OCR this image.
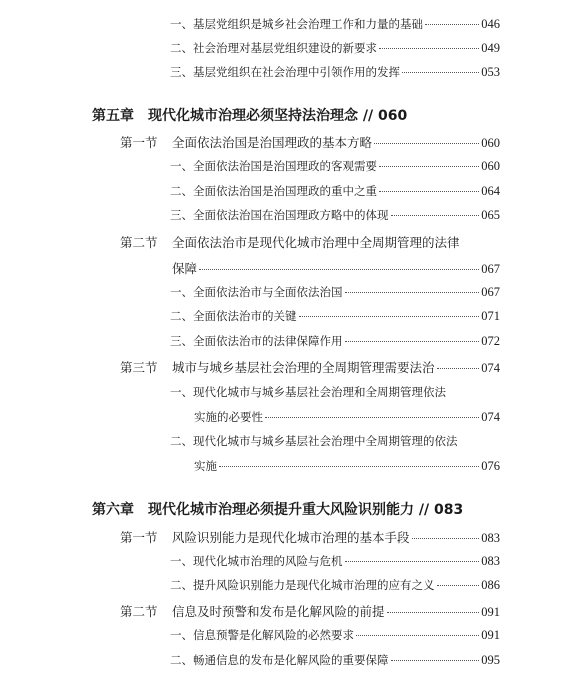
一、基层党组织是城乡社会治理工作和力量的基础	046
二、社会治理对基层党组织建设的新要求	049
三、基层党组织在社会治理中引领作用的发挥	053
第五章 现代化城市治理必须坚持法治理念 // 060
第一节	全面依法治国是治国理政的基本方略	060
一、全面依法治国是治国理政的客观需要	060
二、全面依法治国是治国理政的重中之重	064
三、全面依法治国在治国理政方略中的体现	065
第二节	全面依法治市是现代化城市治理中全周期管理的法律
保障	067
一、全面依法治市与全面依法治国	067
二、全面依法治市的关键	071
三、全面依法治市的法律保障作用	072
第三节	城市与城乡基层社会治理的全周期管理需要法治	074
一、现代化城市与城乡基层社会治理和全周期管理依法
实施的必要性	074
二、现代化城市与城乡基层社会治理中全周期管理的依法
实施	076
第六章 现代化城市治理必须提升重大风险识别能力 // 083
第一节	风险识别能力是现代化城市治理的基本手段	083
一、现代化城市治理的风险与危机	083
二、提升风险识别能力是现代化城市治理的应有之义	086
第二节	信息及时预警和发布是化解风险的前提	091
一、信息预警是化解风险的必然要求	091
二、畅通信息的发布是化解风险的重要保障	095
